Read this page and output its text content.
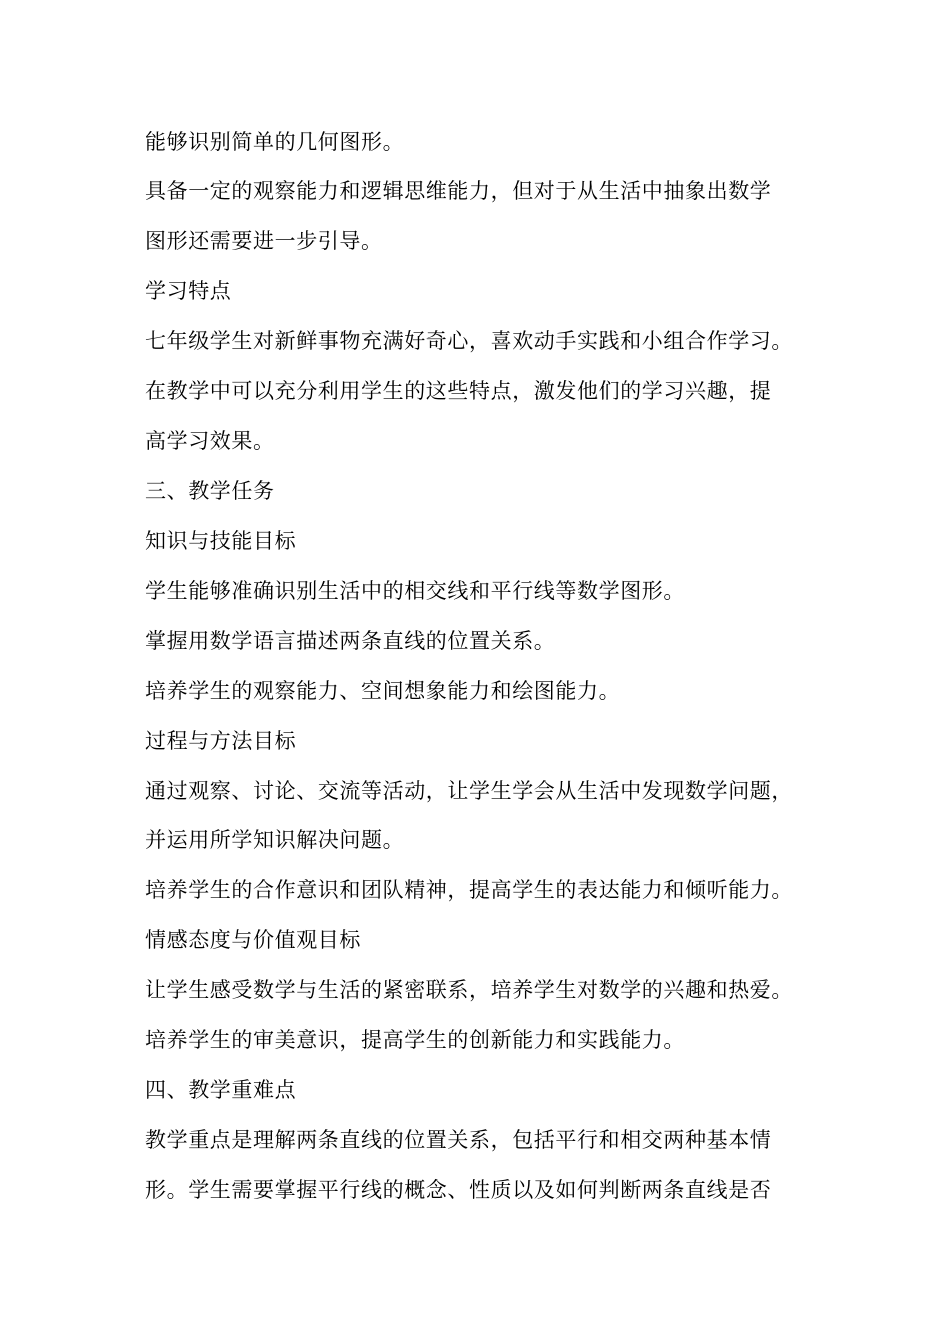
能够识别简单的几何图形。
具备一定的观察能力和逻辑思维能力，但对于从生活中抽象出数学
图形还需要进一步引导。
学习特点
七年级学生对新鲜事物充满好奇心，喜欢动手实践和小组合作学习。
在教学中可以充分利用学生的这些特点，激发他们的学习兴趣，提
高学习效果。
三、教学任务
知识与技能目标
学生能够准确识别生活中的相交线和平行线等数学图形。
掌握用数学语言描述两条直线的位置关系。
培养学生的观察能力、空间想象能力和绘图能力。
过程与方法目标
通过观察、讨论、交流等活动，让学生学会从生活中发现数学问题，
并运用所学知识解决问题。
培养学生的合作意识和团队精神，提高学生的表达能力和倾听能力。
情感态度与价值观目标
让学生感受数学与生活的紧密联系，培养学生对数学的兴趣和热爱。
培养学生的审美意识，提高学生的创新能力和实践能力。
四、教学重难点
教学重点是理解两条直线的位置关系，包括平行和相交两种基本情
形。学生需要掌握平行线的概念、性质以及如何判断两条直线是否
